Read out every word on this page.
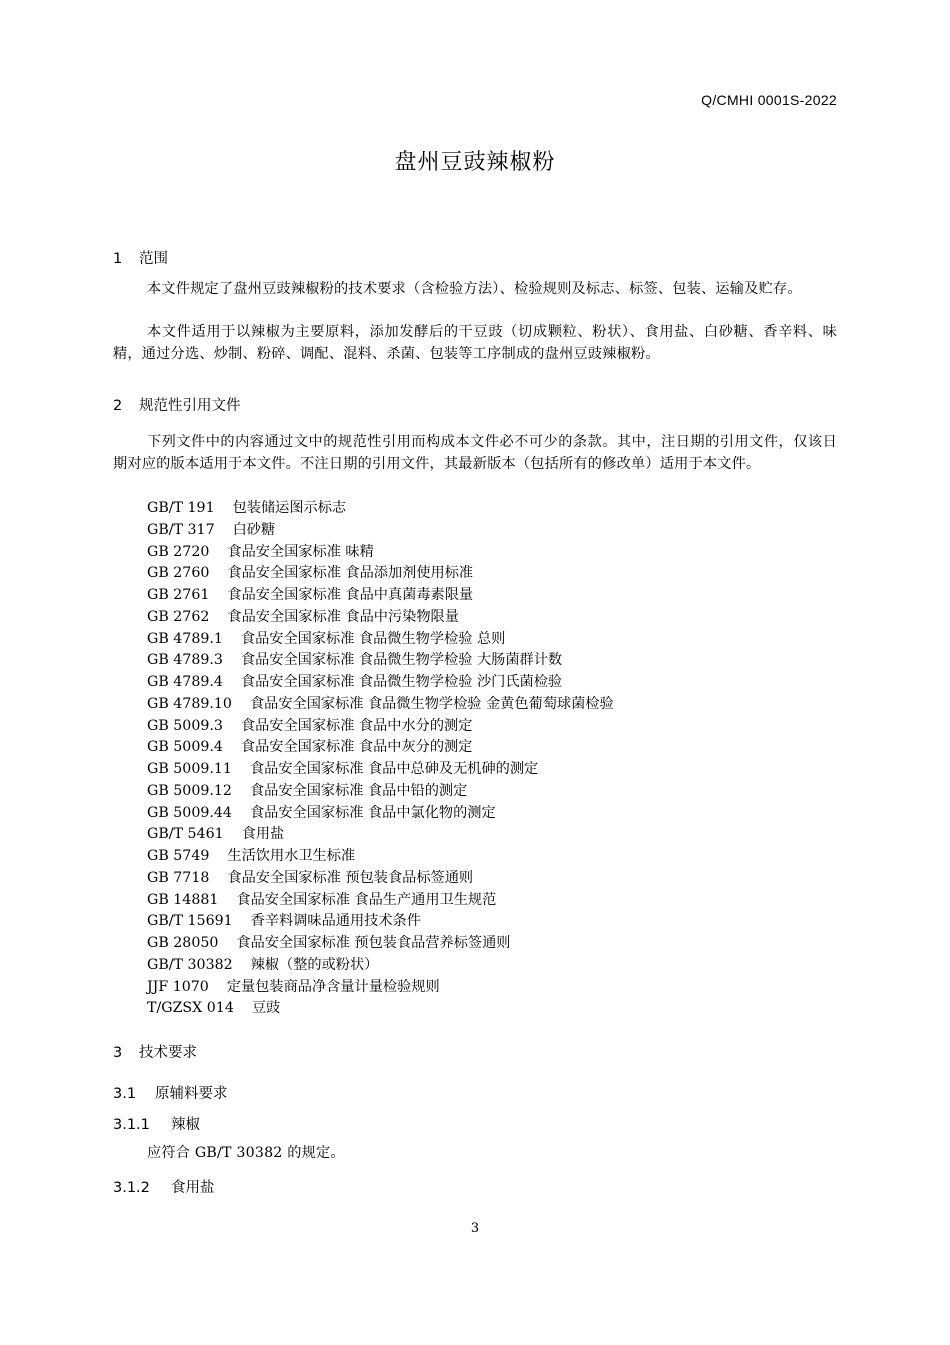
Q/CMHI 0001S-2022
盘州豆豉辣椒粉
1 范围

本文件规定了盘州豆豉辣椒粉的技术要求（含检验方法）、检验规则及标志、标签、包装、运输及贮存。

本文件适用于以辣椒为主要原料，添加发酵后的干豆豉（切成颗粒、粉状）、食用盐、白砂糖、香辛料、味精，通过分选、炒制、粉碎、调配、混料、杀菌、包装等工序制成的盘州豆豉辣椒粉。

2 规范性引用文件

下列文件中的内容通过文中的规范性引用而构成本文件必不可少的条款。其中，注日期的引用文件，仅该日期对应的版本适用于本文件。不注日期的引用文件，其最新版本（包括所有的修改单）适用于本文件。

GB/T 191 包装储运图示标志
GB/T 317 白砂糖
GB 2720 食品安全国家标准 味精
GB 2760 食品安全国家标准 食品添加剂使用标准
GB 2761 食品安全国家标准 食品中真菌毒素限量
GB 2762 食品安全国家标准 食品中污染物限量
GB 4789.1 食品安全国家标准 食品微生物学检验 总则
GB 4789.3 食品安全国家标准 食品微生物学检验 大肠菌群计数
GB 4789.4 食品安全国家标准 食品微生物学检验 沙门氏菌检验
GB 4789.10 食品安全国家标准 食品微生物学检验 金黄色葡萄球菌检验
GB 5009.3 食品安全国家标准 食品中水分的测定
GB 5009.4 食品安全国家标准 食品中灰分的测定
GB 5009.11 食品安全国家标准 食品中总砷及无机砷的测定
GB 5009.12 食品安全国家标准 食品中铅的测定
GB 5009.44 食品安全国家标准 食品中氯化物的测定
GB/T 5461 食用盐
GB 5749 生活饮用水卫生标准
GB 7718 食品安全国家标准 预包装食品标签通则
GB 14881 食品安全国家标准 食品生产通用卫生规范
GB/T 15691 香辛料调味品通用技术条件
GB 28050 食品安全国家标准 预包装食品营养标签通则
GB/T 30382 辣椒（整的或粉状）
JJF 1070 定量包装商品净含量计量检验规则
T/GZSX 014 豆豉
3 技术要求
3.1 原辅料要求
3.1.1 辣椒

应符合 GB/T 30382 的规定。

3.1.2 食用盐
3
